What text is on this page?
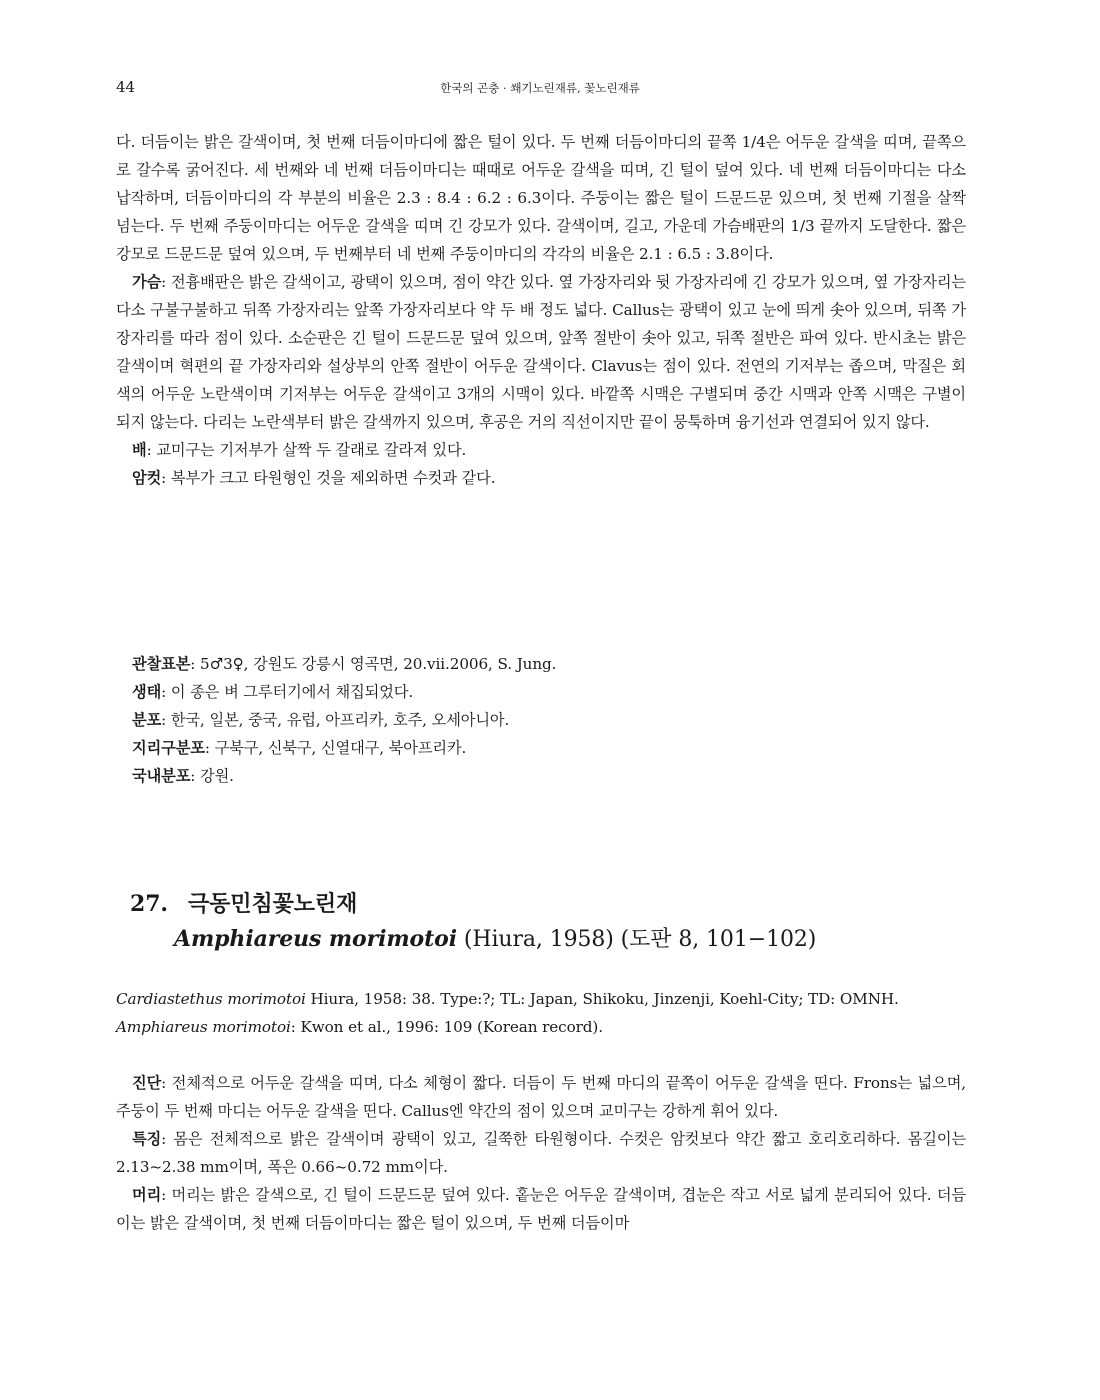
44	한국의 곤충 · 쐐기노린재류, 꽃노린재류

다. 더듬이는 밝은 갈색이며, 첫 번째 더듬이마디에 짧은 털이 있다. 두 번째 더듬이마디의 끝쪽 1/4은 어두운 갈색을 띠며, 끝쪽으로 갈수록 굵어진다. 세 번째와 네 번째 더듬이마디는 때때로 어두운 갈색을 띠며, 긴 털이 덮여 있다. 네 번째 더듬이마디는 다소 납작하며, 더듬이마디의 각 부분의 비율은 2.3 : 8.4 : 6.2 : 6.3이다. 주둥이는 짧은 털이 드문드문 있으며, 첫 번째 기절을 살짝 넘는다. 두 번째 주둥이마디는 어두운 갈색을 띠며 긴 강모가 있다. 갈색이며, 길고, 가운데 가슴배판의 1/3 끝까지 도달한다. 짧은 강모로 드문드문 덮여 있으며, 두 번째부터 네 번째 주둥이마디의 각각의 비율은 2.1 : 6.5 : 3.8이다.

가슴: 전흉배판은 밝은 갈색이고, 광택이 있으며, 점이 약간 있다. 옆 가장자리와 뒷 가장자리에 긴 강모가 있으며, 옆 가장자리는 다소 구불구불하고 뒤쪽 가장자리는 앞쪽 가장자리보다 약 두 배 정도 넓다. Callus는 광택이 있고 눈에 띄게 솟아 있으며, 뒤쪽 가장자리를 따라 점이 있다. 소순판은 긴 털이 드문드문 덮여 있으며, 앞쪽 절반이 솟아 있고, 뒤쪽 절반은 파여 있다. 반시초는 밝은 갈색이며 혁편의 끝 가장자리와 설상부의 안쪽 절반이 어두운 갈색이다. Clavus는 점이 있다. 전연의 기저부는 좁으며, 막질은 회색의 어두운 노란색이며 기저부는 어두운 갈색이고 3개의 시맥이 있다. 바깥쪽 시맥은 구별되며 중간 시맥과 안쪽 시맥은 구별이 되지 않는다. 다리는 노란색부터 밝은 갈색까지 있으며, 후공은 거의 직선이지만 끝이 뭉툭하며 융기선과 연결되어 있지 않다.

배: 교미구는 기저부가 살짝 두 갈래로 갈라져 있다.

암컷: 복부가 크고 타원형인 것을 제외하면 수컷과 같다.

관찰표본: 5♂3♀, 강원도 강릉시 영곡면, 20.vii.2006, S. Jung.

생태: 이 종은 벼 그루터기에서 채집되었다.

분포: 한국, 일본, 중국, 유럽, 아프리카, 호주, 오세아니아.

지리구분포: 구북구, 신북구, 신열대구, 북아프리카.

국내분포: 강원.

27. 극동민침꽃노린재
Amphiareus morimotoi (Hiura, 1958) (도판 8, 101−102)

Cardiastethus morimotoi Hiura, 1958: 38. Type:?; TL: Japan, Shikoku, Jinzenji, Koehl-City; TD: OMNH.

Amphiareus morimotoi: Kwon et al., 1996: 109 (Korean record).

진단: 전체적으로 어두운 갈색을 띠며, 다소 체형이 짧다. 더듬이 두 번째 마디의 끝쪽이 어두운 갈색을 띤다. Frons는 넓으며, 주둥이 두 번째 마디는 어두운 갈색을 띤다. Callus엔 약간의 점이 있으며 교미구는 강하게 휘어 있다.

특징: 몸은 전체적으로 밝은 갈색이며 광택이 있고, 길쭉한 타원형이다. 수컷은 암컷보다 약간 짧고 호리호리하다. 몸길이는 2.13~2.38 mm이며, 폭은 0.66~0.72 mm이다.

머리: 머리는 밝은 갈색으로, 긴 털이 드문드문 덮여 있다. 홑눈은 어두운 갈색이며, 겹눈은 작고 서로 넓게 분리되어 있다. 더듬이는 밝은 갈색이며, 첫 번째 더듬이마디는 짧은 털이 있으며, 두 번째 더듬이마
